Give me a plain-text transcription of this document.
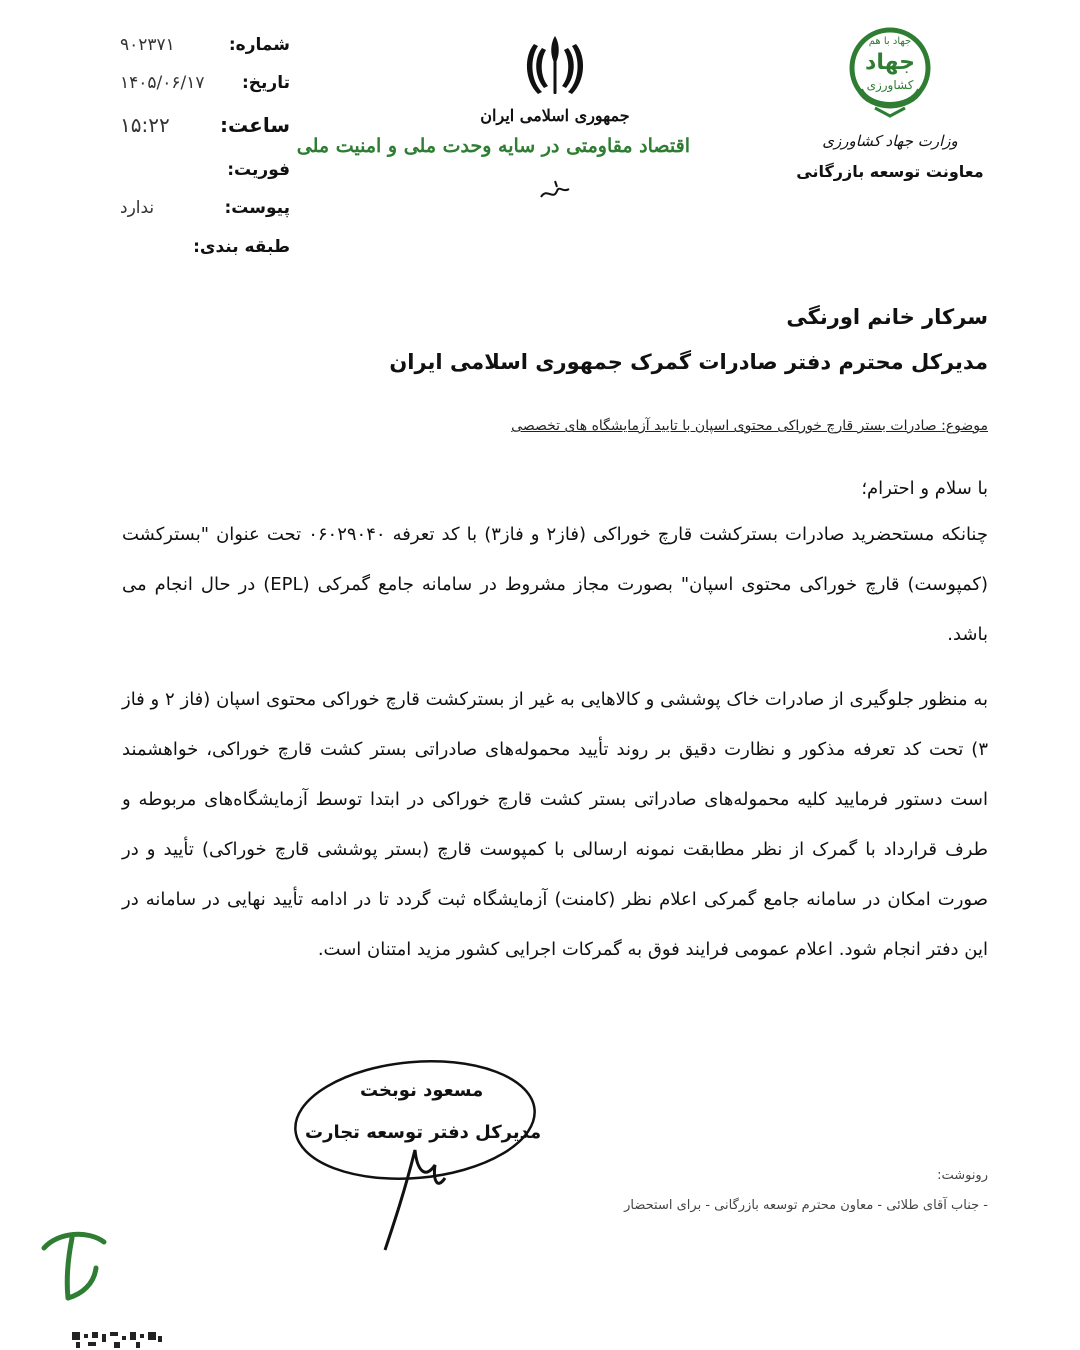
شماره:
۹۰۲۳۷۱
تاریخ:
۱۴۰۵/۰۶/۱۷
ساعت:
۱۵:۲۲
فوریت:
پیوست:
ندارد
طبقه بندی:
جمهوری اسلامی ایران
اقتصاد مقاومتی در سایه وحدت ملی و امنیت ملی
جهاد با هم
جهاد
کشاورزی
وزارت جهاد کشاورزی
معاونت توسعه بازرگانی
سرکار خانم اورنگی
مدیرکل محترم دفتر صادرات گمرک جمهوری اسلامی ایران
موضوع: صادرات بستر قارچ خوراکی محتوی اسپان با تایید آزمایشگاه های تخصصی
با سلام و احترام؛
چنانکه مستحضرید صادرات بسترکشت قارچ خوراکی (فاز۲ و فاز۳) با کد تعرفه ۰۶۰۲۹۰۴۰ تحت عنوان "بسترکشت (کمپوست) قارچ خوراکی محتوی اسپان" بصورت مجاز مشروط در سامانه جامع گمرکی (EPL) در حال انجام می باشد.
به منظور جلوگیری از صادرات خاک پوششی و کالاهایی به غیر از بسترکشت قارچ خوراکی محتوی اسپان (فاز ۲ و فاز ۳) تحت کد تعرفه مذکور و نظارت دقیق بر روند تأیید محموله‌های صادراتی بستر کشت قارچ خوراکی، خواهشمند است دستور فرمایید کلیه محموله‌های صادراتی بستر کشت قارچ خوراکی در ابتدا توسط آزمایشگاه‌های مربوطه و طرف قرارداد با گمرک از نظر مطابقت نمونه ارسالی با کمپوست قارچ (بستر پوششی قارچ خوراکی) تأیید و در صورت امکان در سامانه جامع گمرکی اعلام نظر (کامنت) آزمایشگاه ثبت گردد تا در ادامه تأیید نهایی در سامانه در این دفتر انجام شود. اعلام عمومی فرایند فوق به گمرکات اجرایی کشور مزید امتنان است.
مسعود نوبخت
مدیرکل دفتر توسعه تجارت
رونوشت:
- جناب آقای طلائی - معاون محترم توسعه بازرگانی - برای استحضار
